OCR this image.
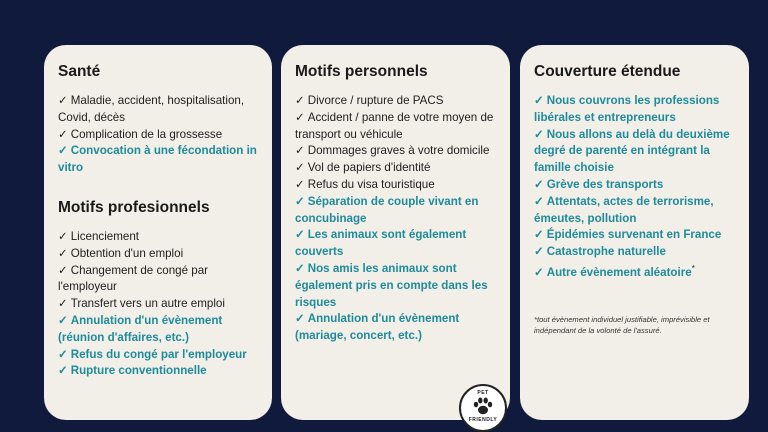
Santé
✓ Maladie, accident, hospitalisation, Covid, décès
✓ Complication de la grossesse
✓ Convocation à une fécondation in vitro
Motifs profesionnels
✓ Licenciement
✓ Obtention d'un emploi
✓ Changement de congé par l'employeur
✓ Transfert vers un autre emploi
✓ Annulation d'un évènement (réunion d'affaires, etc.)
✓ Refus du congé par l'employeur
✓ Rupture conventionnelle
Motifs personnels
✓ Divorce / rupture de PACS
✓ Accident / panne de votre moyen de transport ou véhicule
✓ Dommages graves à votre domicile
✓ Vol de papiers d'identité
✓ Refus du visa touristique
✓ Séparation de couple vivant en concubinage
✓ Les animaux sont également couverts
✓ Nos amis les animaux sont également pris en compte dans les risques
✓ Annulation d'un évènement (mariage, concert, etc.)
Couverture étendue
✓ Nous couvrons les professions libérales et entrepreneurs
✓ Nous allons au delà du deuxième degré de parenté en intégrant la famille choisie
✓ Grève des transports
✓ Attentats, actes de terrorisme, émeutes, pollution
✓ Épidémies survenant en France
✓ Catastrophe naturelle
✓ Autre évènement aléatoire*
*tout évènement individuel justifiable, imprévisible et indépendant de la volonté de l'assuré.
PET
FRIENDLY
